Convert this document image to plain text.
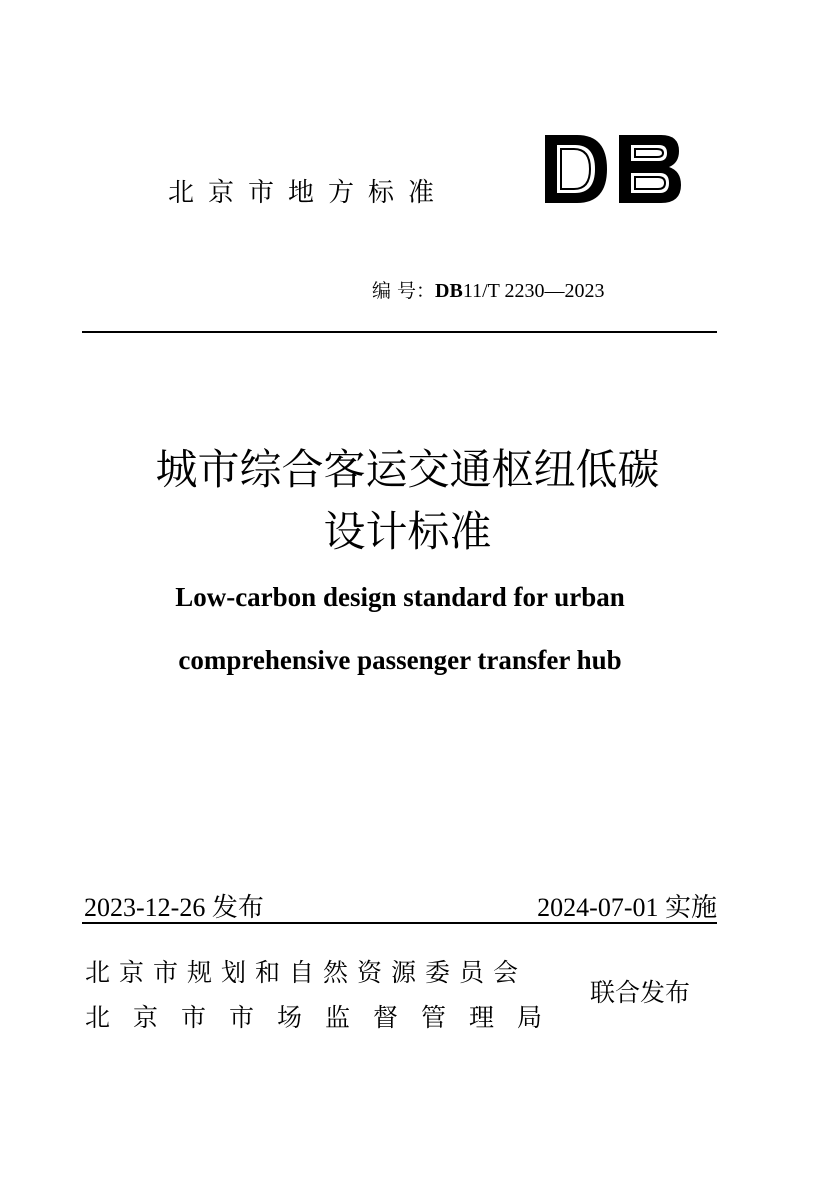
北京市地方标准
编 号：DB11/T 2230—2023
城市综合客运交通枢纽低碳
设计标准
Low-carbon design standard for urban
comprehensive passenger transfer hub
2023-12-26 发布	2024-07-01 实施
北京市规划和自然资源委员会
北京市市场监督管理局
联合发布
